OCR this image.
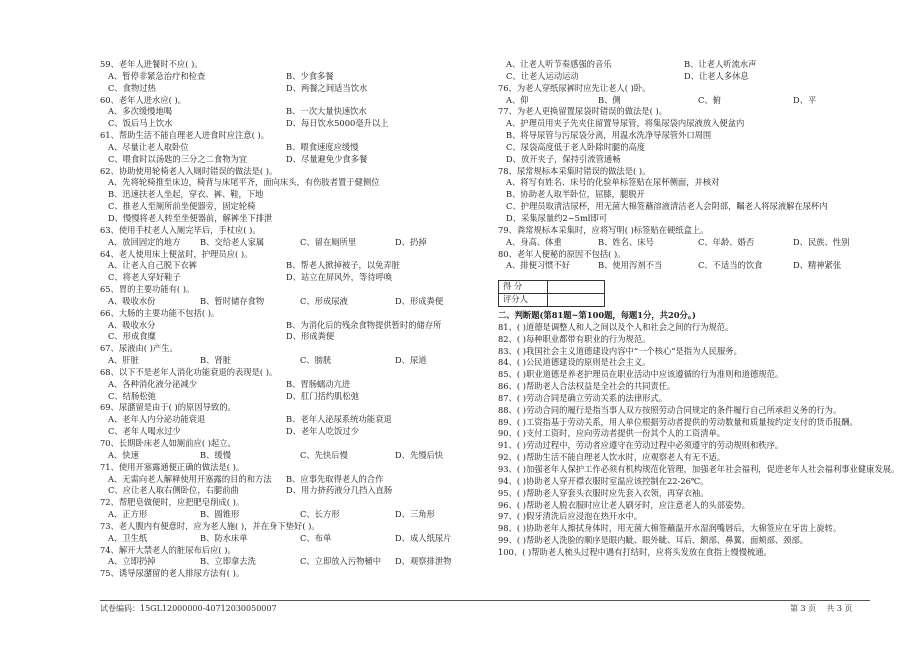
59、老年人进餐时不应( )。
A、暂停非紧急治疗和检查	B、少食多餐
C、食物过热	D、两餐之间适当饮水
60、老年人进水应( )。
A、多次缓慢地喝	B、一次大量快速饮水
C、饭后马上饮水	D、每日饮水5000毫升以上
61、帮助生活不能自理老人进食时应注意( )。
A、尽量让老人取卧位	B、喂食速度应缓慢
C、喂食时以汤匙的三分之二食物为宜	D、尽量避免少食多餐
62、协助使用轮椅老人入厕时错误的做法是( )。
A、先将轮椅推至床边，椅背与床尾平齐，面向床头，有伤肢者置于健侧位
B、迅速扶老人坐起，穿衣、裤、鞋，下地
C、推老人至厕所前坐便器旁，固定轮椅
D、慢慢将老人转至坐便器前，解裤坐下排泄
63、使用手杖老人入厕完毕后，手杖应( )。
A、放回固定的地方 B、交给老人家属	C、留在厕所里	D、扔掉
64、老人使用床上便盆时，护理员应( )。
A、让老人自己脱下衣裤	B、帮老人掀掉被子，以免弄脏
C、将老人穿好鞋子	D、站立在屏风外，等待呼唤
65、胃的主要功能有( )。
A、吸收水份	B、暂时储存食物	C、形成尿液	D、形成粪便
66、大肠的主要功能不包括( )。
A、吸收水分	B、为消化后的残余食物提供暂时的储存所
C、形成食糜	D、形成粪便
67、尿液由( )产生。
A、肝脏	B、肾脏	C、膀胱	D、尿道
68、以下不是老年人消化功能衰退的表现是( )。
A、各种消化液分泌减少	B、胃肠蠕动亢进
C、结肠松弛	D、肛门括约肌松弛
69、尿潴留是由于( )的原因导致的。
A、老年人内分泌功能衰退	B、老年人泌尿系统功能衰退
C、老年人喝水过少	D、老年人吃饭过少
70、长期卧床老人如厕前应( )起立。
A、快速	B、缓慢	C、先快后慢	D、先慢后快
71、使用开塞露通便正确的做法是( )。
A、无需向老人解释使用开塞露的目的和方法 B、应事先取得老人的合作
C、应让老人取右侧卧位，右腿前曲	D、用力挤药液分几挡入直肠
72、帮肥皂做便时，应把肥皂削成( )。
A、正方形	B、圆锥形	C、长方形	D、三角形
73、老人腹内有便意时，应为老人施( )，并在身下垫好( )。
A、卫生纸	B、防水床单	C、布单	D、成人纸尿片
74、解开大禁老人的脏尿布后应( )。
A、立即扔掉	B、立即拿去洗	C、立即放入污物桶中 D、观察排泄物
75、诱导尿潴留的老人排尿方法有( )。
A、让老人听节奏感强的音乐	B、让老人听流水声
C、让老人运动运动	D、让老人多休息
76、为老人穿纸尿裤时应先让老人( )卧。
A、仰	B、侧	C、俯	D、平
77、为老人更换留置尿袋时错误的做法是( )。
A、护理员用夹子先夹住留置导尿管，将集尿袋内尿液放入便盆内
B、将导尿管与污尿袋分离，用温水洗净导尿管外口周围
C、尿袋高度低于老人卧除时腿的高度
D、放开夹子，保持引流管通畅
78、尿常规标本采集时错误的做法是( )。
A、将写有姓名、床号的化验单标签贴在尿杯侧面，并核对
B、协助老人取半卧位，屈膝，腿脱开
C、护理员取清洁尿杯，用无菌大棉签蘸溶液清洁老人会阴部，瞩老人将尿液解在尿杯内
D、采集尿量约2~5ml即可
79、粪常规标本采集时，应将写明( )标签贴在硬纸盒上。
A、身高、体重	B、姓名、床号	C、年龄、婚否	D、民族、性别
80、老年人便秘的原因不包括( )。
A、排便习惯不好	B、使用泻剂不当	C、不适当的饮食	D、精神紧张
得 分	
评分人	
二、判断题(第81题~第100题，每题1分，共20分。)
81、( )道德是调整人和人之间以及个人和社会之间的行为规范。
82、( )每种职业都带有职业的行为规范。
83、( )我国社会主义道德建设内容中“一个核心”是指为人民服务。
84、( )公民道德建设的原则是社会主义。
85、( )职业道德是养老护理员在职业活动中应该遵循的行为准则和道德规范。
86、( )帮助老人合法权益是全社会的共同责任。
87、( )劳动合同是确立劳动关系的法律形式。
88、( )劳动合同的履行是指当事人双方按照劳动合同规定的条件履行自己所承担义务的行为。
89、( )工资指基于劳动关系，用人单位根据劳动者提供的劳动数量和质量按约定支付的货币报酬。
90、( )支付工资时，应向劳动者提供一份其个人的工资清单。
91、( )劳动过程中，劳动者应遵守在劳动过程中必须遵守的劳动规则和秩序。
92、( )帮助生活不能自理老人饮水时，应观察老人有无不适。
93、( )加强老年人保护工作必须有机构规范化管理，加强老年社会福利，促进老年人社会福利事业健康发展。
94、( )协助老人穿开襟衣服时室温应该控制在22-26℃。
95、( )帮助老人穿套头衣服时应先套入衣领，再穿衣袖。
96、( )帮助老人脱衣服时应让老人刷牙时，应注意老人的头部姿势。
97、( )假牙清洗后应浸泡在热开水中。
98、( )协助老年人擦拭身体时，用无菌大棉签蘸温开水湿润嘴唇后，大棉签应在牙齿上旋转。
99、( )帮助老人洗脸的顺序是眼内眦、眼外眦、耳后、额部、鼻翼、面颊部、颈部。
100、( )帮助老人梳头过程中遇有打结时，应将头发放在食指上慢慢梳通。
试卷编码：15GL12000000-40712030050007	第 3 页 共 3 页
